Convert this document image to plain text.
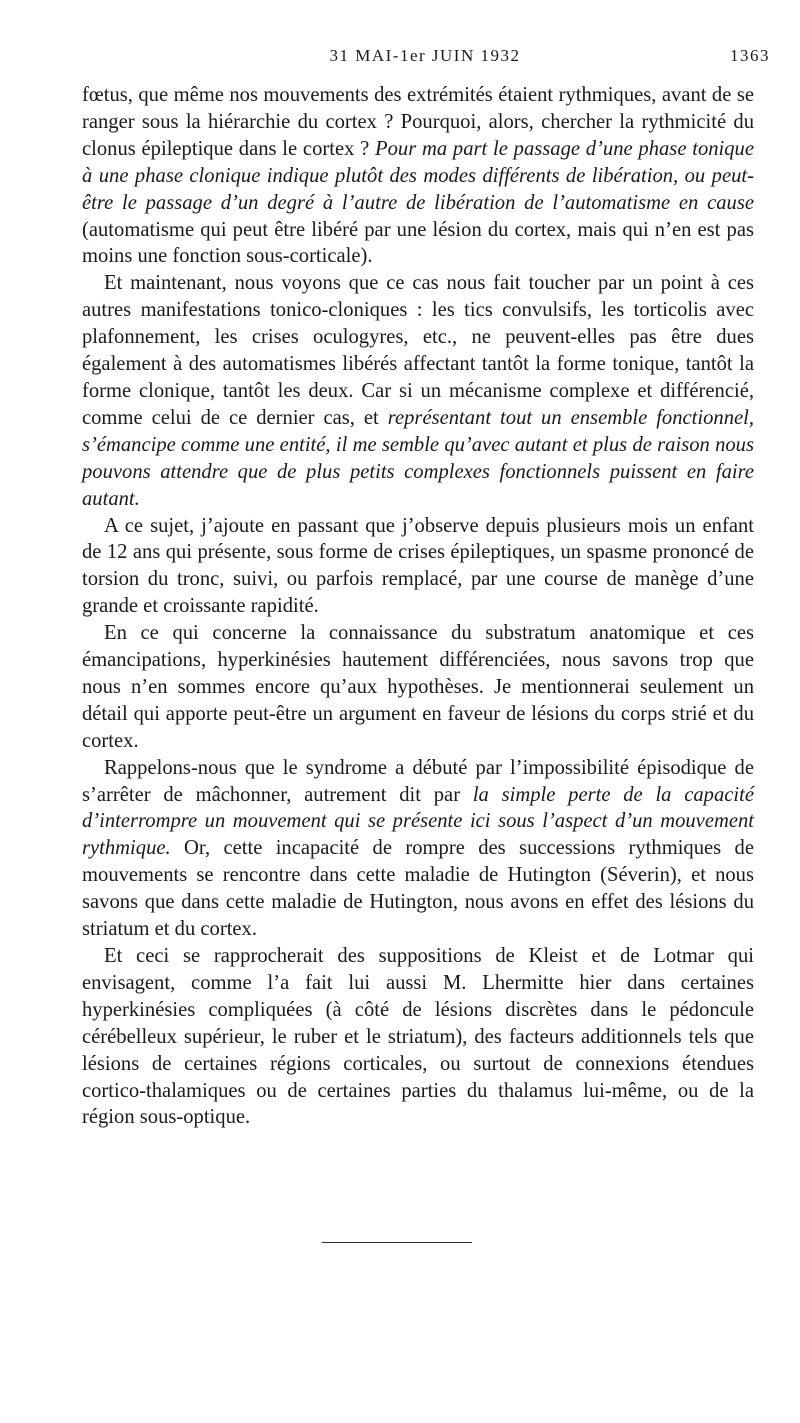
31 MAI-1er JUIN 1932	1363

fœtus, que même nos mouvements des extrémités étaient rythmiques, avant de se ranger sous la hiérarchie du cortex ? Pourquoi, alors, chercher la rythmicité du clonus épileptique dans le cortex ? Pour ma part le passage d’une phase tonique à une phase clonique indique plutôt des modes différents de libération, ou peut-être le passage d’un degré à l’autre de libération de l’automatisme en cause (automatisme qui peut être libéré par une lésion du cortex, mais qui n’en est pas moins une fonction sous-corticale).

Et maintenant, nous voyons que ce cas nous fait toucher par un point à ces autres manifestations tonico-cloniques : les tics convulsifs, les torticolis avec plafonnement, les crises oculogyres, etc., ne peuvent-elles pas être dues également à des automatismes libérés affectant tantôt la forme tonique, tantôt la forme clonique, tantôt les deux. Car si un mécanisme complexe et différencié, comme celui de ce dernier cas, et représentant tout un ensemble fonctionnel, s’émancipe comme une entité, il me semble qu’avec autant et plus de raison nous pouvons attendre que de plus petits complexes fonctionnels puissent en faire autant.

A ce sujet, j’ajoute en passant que j’observe depuis plusieurs mois un enfant de 12 ans qui présente, sous forme de crises épileptiques, un spasme prononcé de torsion du tronc, suivi, ou parfois remplacé, par une course de manège d’une grande et croissante rapidité.

En ce qui concerne la connaissance du substratum anatomique et ces émancipations, hyperkinésies hautement différenciées, nous savons trop que nous n’en sommes encore qu’aux hypothèses. Je mentionnerai seulement un détail qui apporte peut-être un argument en faveur de lésions du corps strié et du cortex.

Rappelons-nous que le syndrome a débuté par l’impossibilité épisodique de s’arrêter de mâchonner, autrement dit par la simple perte de la capacité d’interrompre un mouvement qui se présente ici sous l’aspect d’un mouvement rythmique. Or, cette incapacité de rompre des successions rythmiques de mouvements se rencontre dans cette maladie de Hutington (Séverin), et nous savons que dans cette maladie de Hutington, nous avons en effet des lésions du striatum et du cortex.

Et ceci se rapprocherait des suppositions de Kleist et de Lotmar qui envisagent, comme l’a fait lui aussi M. Lhermitte hier dans certaines hyperkinésies compliquées (à côté de lésions discrètes dans le pédoncule cérébelleux supérieur, le ruber et le striatum), des facteurs additionnels tels que lésions de certaines régions corticales, ou surtout de connexions étendues cortico-thalamiques ou de certaines parties du thalamus lui-même, ou de la région sous-optique.
